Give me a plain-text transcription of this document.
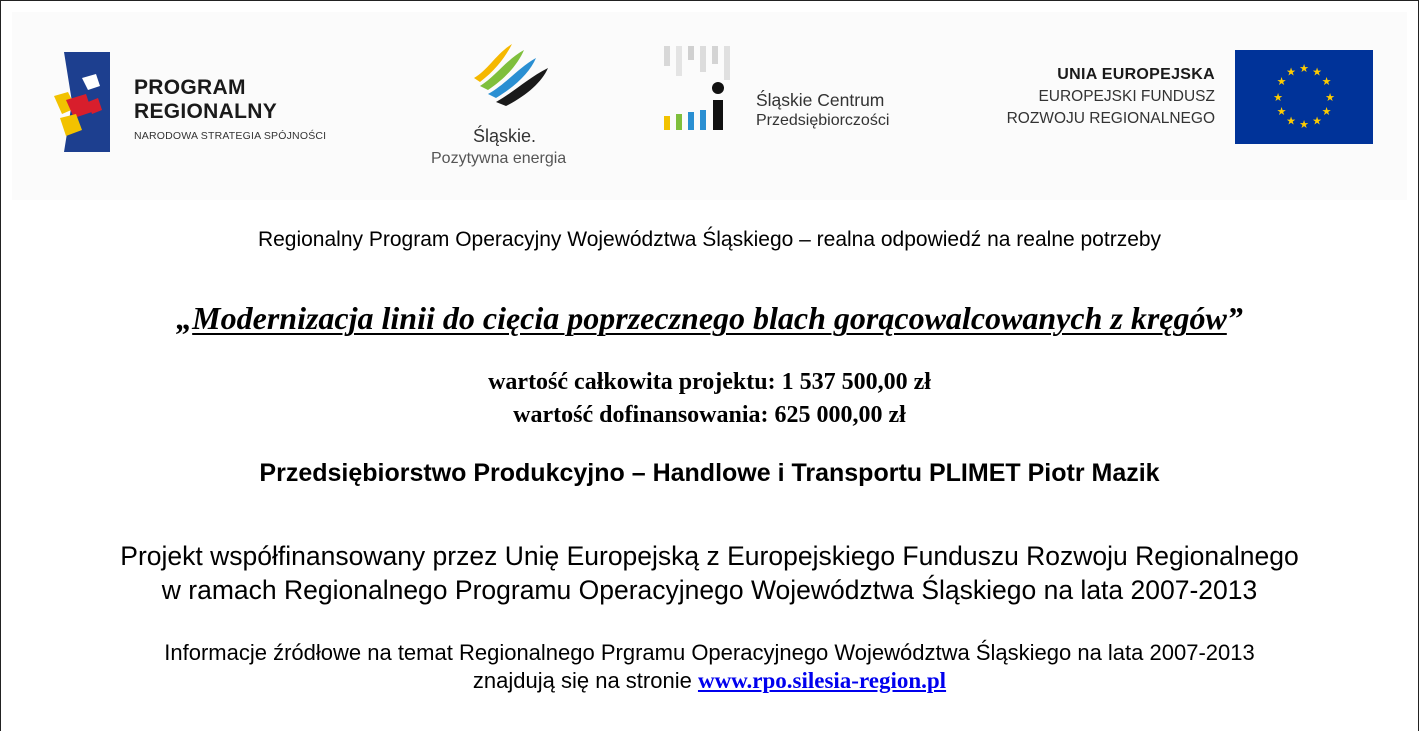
PROGRAM
REGIONALNY
NARODOWA STRATEGIA SPÓJNOŚCI	Śląskie.
Pozytywna energia
Śląskie Centrum
Przedsiębiorczości
UNIA EUROPEJSKA
EUROPEJSKI FUNDUSZ
ROZWOJU REGIONALNEGO
★ ★
★
★
★
★
★
★
★
★
★
★
Regionalny Program Operacyjny Województwa Śląskiego – realna odpowiedź na realne potrzeby
„Modernizacja linii do cięcia poprzecznego blach gorącowalcowanych z kręgów”
wartość całkowita projektu: 1 537 500,00 zł
wartość dofinansowania: 625 000,00 zł
Przedsiębiorstwo Produkcyjno – Handlowe i Transportu PLIMET Piotr Mazik
Projekt współfinansowany przez Unię Europejską z Europejskiego Funduszu Rozwoju Regionalnego
w ramach Regionalnego Programu Operacyjnego Województwa Śląskiego na lata 2007-2013
Informacje źródłowe na temat Regionalnego Prgramu Operacyjnego Województwa Śląskiego na lata 2007-2013
znajdują się na stronie www.rpo.silesia-region.pl
